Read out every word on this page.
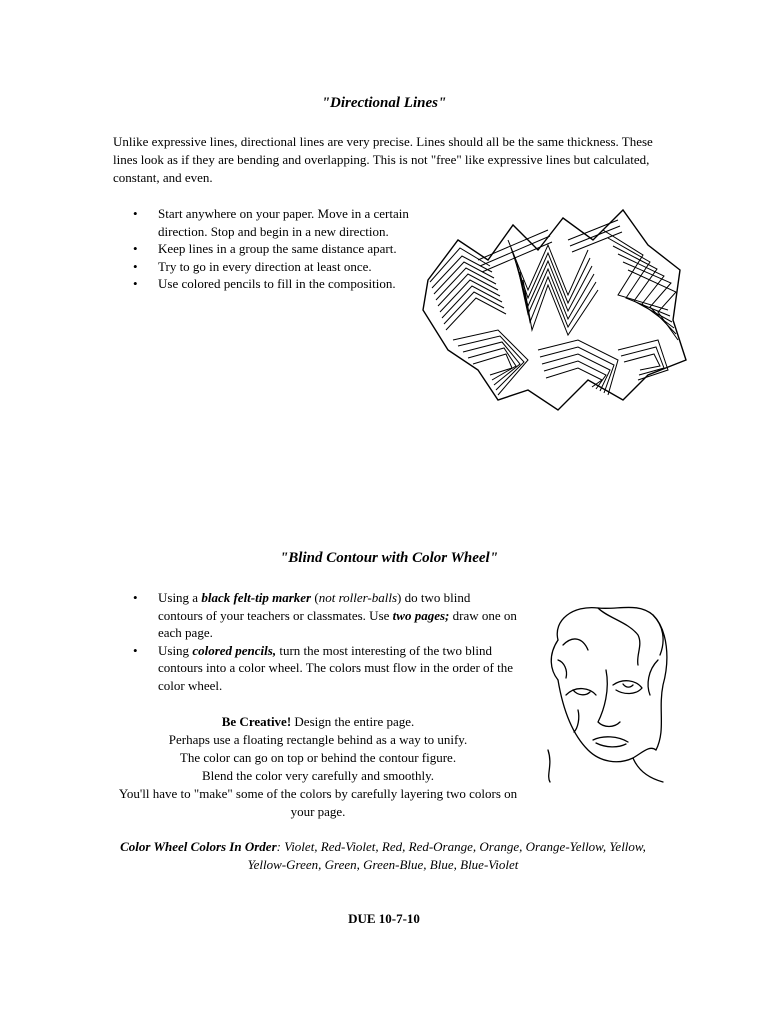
"Directional Lines"

Unlike expressive lines, directional lines are very precise. Lines should all be the same thickness. These lines look as if they are bending and overlapping. This is not "free" like expressive lines but calculated, constant, and even.

• Start anywhere on your paper. Move in a certain direction. Stop and begin in a new direction.
• Keep lines in a group the same distance apart.
• Try to go in every direction at least once.
• Use colored pencils to fill in the composition.
"Blind Contour with Color Wheel"
• Using a black felt-tip marker (not roller-balls) do two blind contours of your teachers or classmates. Use two pages; draw one on each page.
• Using colored pencils, turn the most interesting of the two blind contours into a color wheel. The colors must flow in the order of the color wheel.
Be Creative! Design the entire page.
Perhaps use a floating rectangle behind as a way to unify.
The color can go on top or behind the contour figure.
Blend the color very carefully and smoothly.
You'll have to "make" some of the colors by carefully layering two colors on your page.

Color Wheel Colors In Order: Violet, Red-Violet, Red, Red-Orange, Orange, Orange-Yellow, Yellow, Yellow-Green, Green, Green-Blue, Blue, Blue-Violet

DUE 10-7-10
